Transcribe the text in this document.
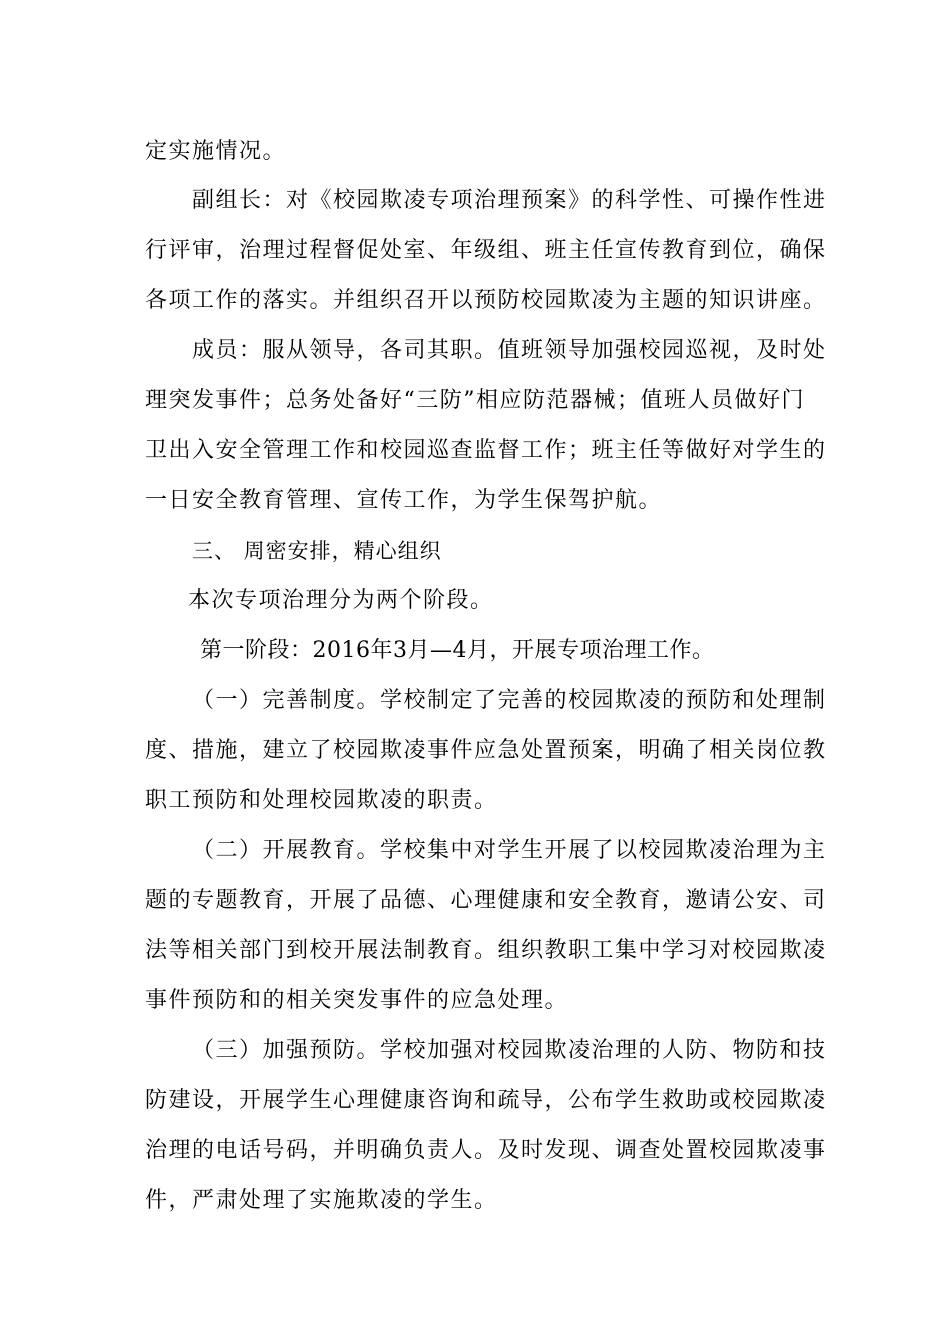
定实施情况。
副组长：对《校园欺凌专项治理预案》的科学性、可操作性进
行评审，治理过程督促处室、年级组、班主任宣传教育到位，确保
各项工作的落实。并组织召开以预防校园欺凌为主题的知识讲座。
成员：服从领导，各司其职。值班领导加强校园巡视，及时处
理突发事件；总务处备好“三防”相应防范器械；值班人员做好门
卫出入安全管理工作和校园巡查监督工作；班主任等做好对学生的
一日安全教育管理、宣传工作，为学生保驾护航。
三、 周密安排，精心组织
本次专项治理分为两个阶段。
第一阶段：2016年3月—4月，开展专项治理工作。
（一）完善制度。学校制定了完善的校园欺凌的预防和处理制
度、措施，建立了校园欺凌事件应急处置预案，明确了相关岗位教
职工预防和处理校园欺凌的职责。
（二）开展教育。学校集中对学生开展了以校园欺凌治理为主
题的专题教育，开展了品德、心理健康和安全教育，邀请公安、司
法等相关部门到校开展法制教育。组织教职工集中学习对校园欺凌
事件预防和的相关突发事件的应急处理。
（三）加强预防。学校加强对校园欺凌治理的人防、物防和技
防建设，开展学生心理健康咨询和疏导，公布学生救助或校园欺凌
治理的电话号码，并明确负责人。及时发现、调查处置校园欺凌事
件，严肃处理了实施欺凌的学生。
